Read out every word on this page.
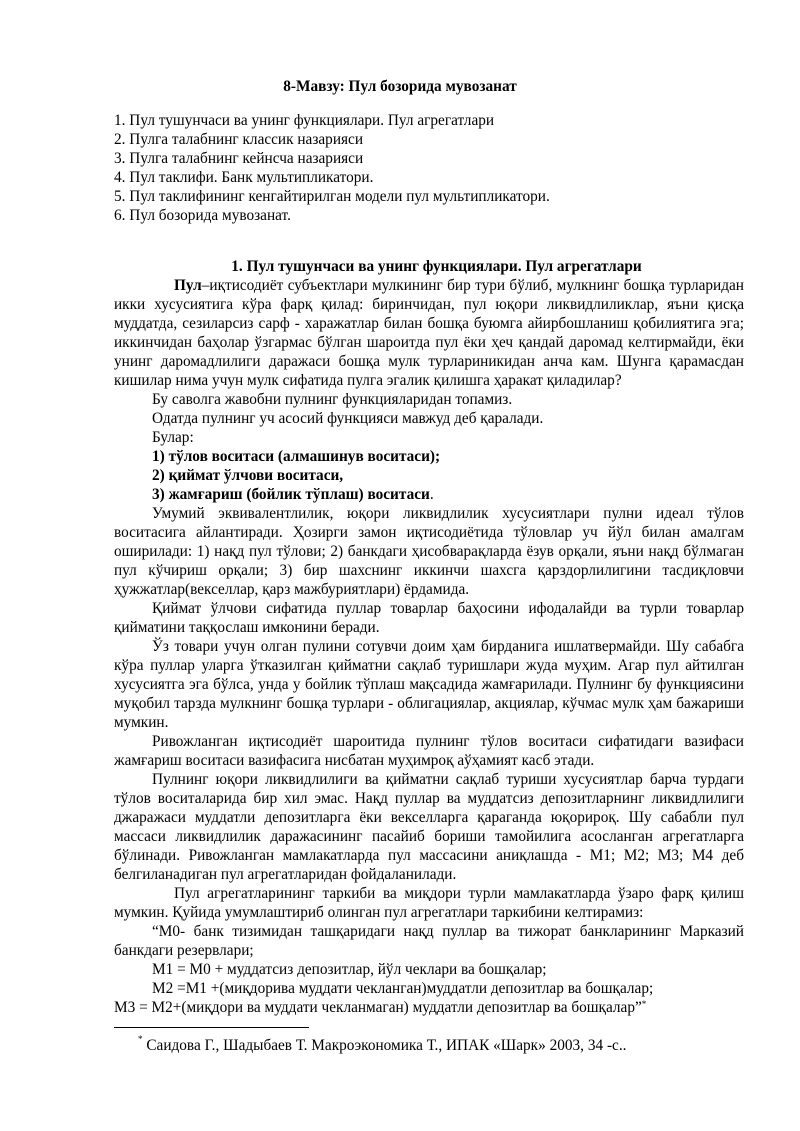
8-Мавзу: Пул бозорида мувозанат
1. Пул тушунчаси ва унинг функциялари. Пул агрегатлари
2. Пулга талабнинг классик назарияси
3. Пулга талабнинг кейнсча назарияси
4. Пул таклифи. Банк мультипликатори.
5. Пул таклифининг кенгайтирилган модели пул мультипликатори.
6. Пул бозорида мувозанат.
1. Пул тушунчаси ва унинг функциялари. Пул агрегатлари

Пул–иқтисодиёт субъектлари мулкининг бир тури бўлиб, мулкнинг бошқа турларидан икки хусусиятига кўра фарқ қилад: биринчидан, пул юқори ликвидлиликлар, яъни қисқа муддатда, сезиларсиз сарф - харажатлар билан бошқа буюмга айирбошланиш қобилиятига эга; иккинчидан баҳолар ўзгармас бўлган шароитда пул ёки ҳеч қандай даромад келтирмайди, ёки унинг даромадлилиги даражаси бошқа мулк турлариникидан анча кам. Шунга қарамасдан кишилар нима учун мулк сифатида пулга эгалик қилишга ҳаракат қиладилар?

Бу саволга жавобни пулнинг функцияларидан топамиз.

Одатда пулнинг уч асосий функцияси мавжуд деб қаралади.

Булар:

1) тўлов воситаси (алмашинув воситаси);

2) қиймат ўлчови воситаси,

3) жамғариш (бойлик тўплаш) воситаси.

Умумий эквивалентлилик, юқори ликвидлилик хусусиятлари пулни идеал тўлов воситасига айлантиради. Ҳозирги замон иқтисодиётида тўловлар уч йўл билан амалгам оширилади: 1) нақд пул тўлови; 2) банкдаги ҳисобварақларда ёзув орқали, яъни нақд бўлмаган пул кўчириш орқали; 3) бир шахснинг иккинчи шахсга қарздорлилигини тасдиқловчи ҳужжатлар(векселлар, қарз мажбуриятлари) ёрдамида.

Қиймат ўлчови сифатида пуллар товарлар баҳосини ифодалайди ва турли товарлар қийматини таққослаш имконини беради.

Ўз товари учун олган пулини сотувчи доим ҳам бирданига ишлатвермайди. Шу сабабга кўра пуллар уларга ўтказилган қийматни сақлаб туришлари жуда муҳим. Агар пул айтилган хусусиятга эга бўлса, унда у бойлик тўплаш мақсадида жамғарилади. Пулнинг бу функциясини муқобил тарзда мулкнинг бошқа турлари - облигациялар, акциялар, кўчмас мулк ҳам бажариши мумкин.

Ривожланган иқтисодиёт шароитида пулнинг тўлов воситаси сифатидаги вазифаси жамғариш воситаси вазифасига нисбатан муҳимроқ аўҳамият касб этади.

Пулнинг юқори ликвидлилиги ва қийматни сақлаб туриши хусусиятлар барча турдаги тўлов воситаларида бир хил эмас. Нақд пуллар ва муддатсиз депозитларнинг ликвидлилиги джаражаси муддатли депозитларга ёки векселларга қараганда юқорироқ. Шу сабабли пул массаси ликвидлилик даражасининг пасайиб бориши тамойилига асосланган агрегатларга бўлинади. Ривожланган мамлакатларда пул массасини аниқлашда - М1; М2; М3; М4 деб белгиланадиган пул агрегатларидан фойдаланилади.

Пул агрегатларининг таркиби ва миқдори турли мамлакатларда ўзаро фарқ қилиш мумкин. Қуйида умумлаштириб олинган пул агрегатлари таркибини келтирамиз:

“М0- банк тизимидан ташқаридаги нақд пуллар ва тижорат банкларининг Марказий банкдаги резервлари;

М1 = М0 + муддатсиз депозитлар, йўл чеклари ва бошқалар;

М2 =М1 +(миқдорива муддати чекланган)муддатли депозитлар ва бошқалар;

М3 = М2+(миқдори ва муддати чекланмаган) муддатли депозитлар ва бошқалар”*

* Саидова Г., Шадыбаев Т. Макроэкономика Т., ИПАК «Шарк» 2003, 34 -с..
